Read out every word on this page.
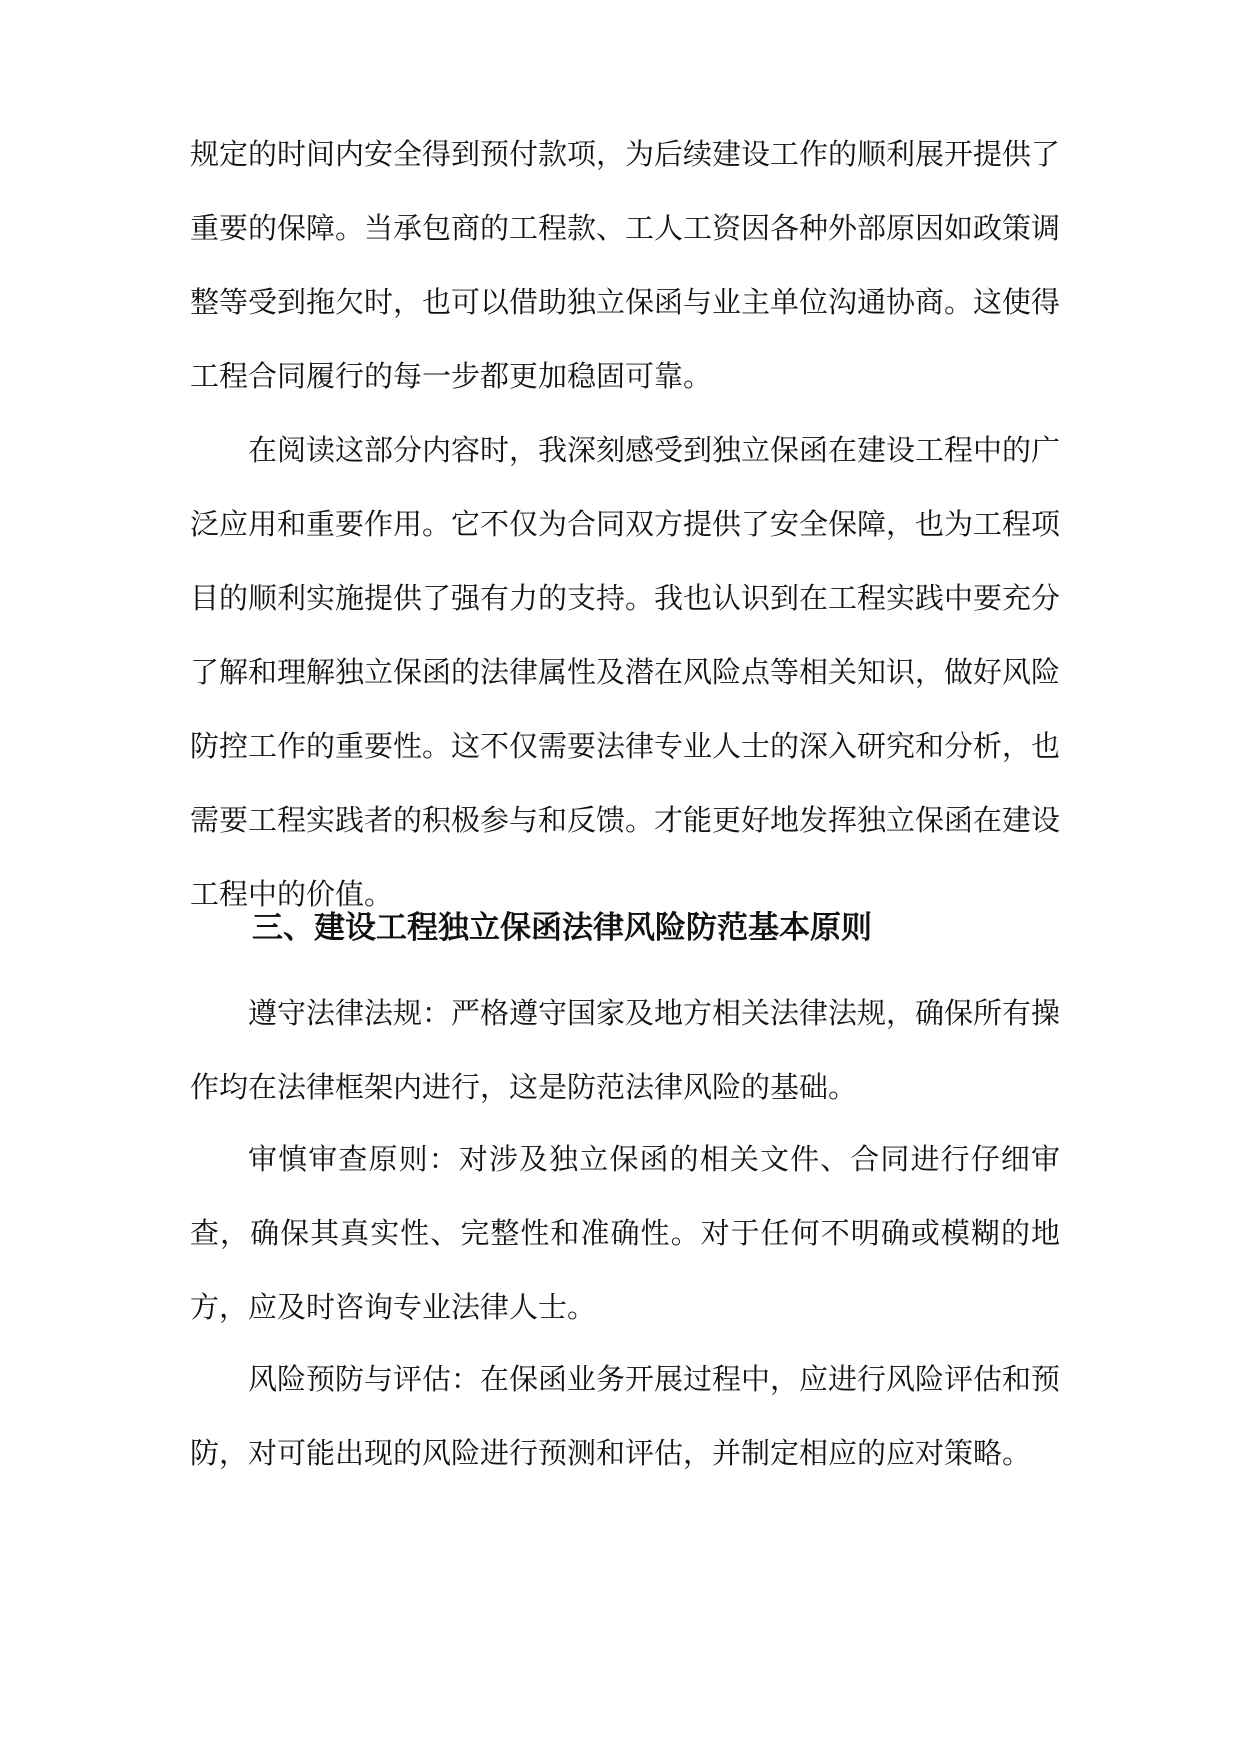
规定的时间内安全得到预付款项，为后续建设工作的顺利展开提供了重要的保障。当承包商的工程款、工人工资因各种外部原因如政策调整等受到拖欠时，也可以借助独立保函与业主单位沟通协商。这使得工程合同履行的每一步都更加稳固可靠。

在阅读这部分内容时，我深刻感受到独立保函在建设工程中的广泛应用和重要作用。它不仅为合同双方提供了安全保障，也为工程项目的顺利实施提供了强有力的支持。我也认识到在工程实践中要充分了解和理解独立保函的法律属性及潜在风险点等相关知识，做好风险防控工作的重要性。这不仅需要法律专业人士的深入研究和分析，也需要工程实践者的积极参与和反馈。才能更好地发挥独立保函在建设工程中的价值。

三、建设工程独立保函法律风险防范基本原则

遵守法律法规：严格遵守国家及地方相关法律法规，确保所有操作均在法律框架内进行，这是防范法律风险的基础。

审慎审查原则：对涉及独立保函的相关文件、合同进行仔细审查，确保其真实性、完整性和准确性。对于任何不明确或模糊的地方，应及时咨询专业法律人士。

风险预防与评估：在保函业务开展过程中，应进行风险评估和预防，对可能出现的风险进行预测和评估，并制定相应的应对策略。
